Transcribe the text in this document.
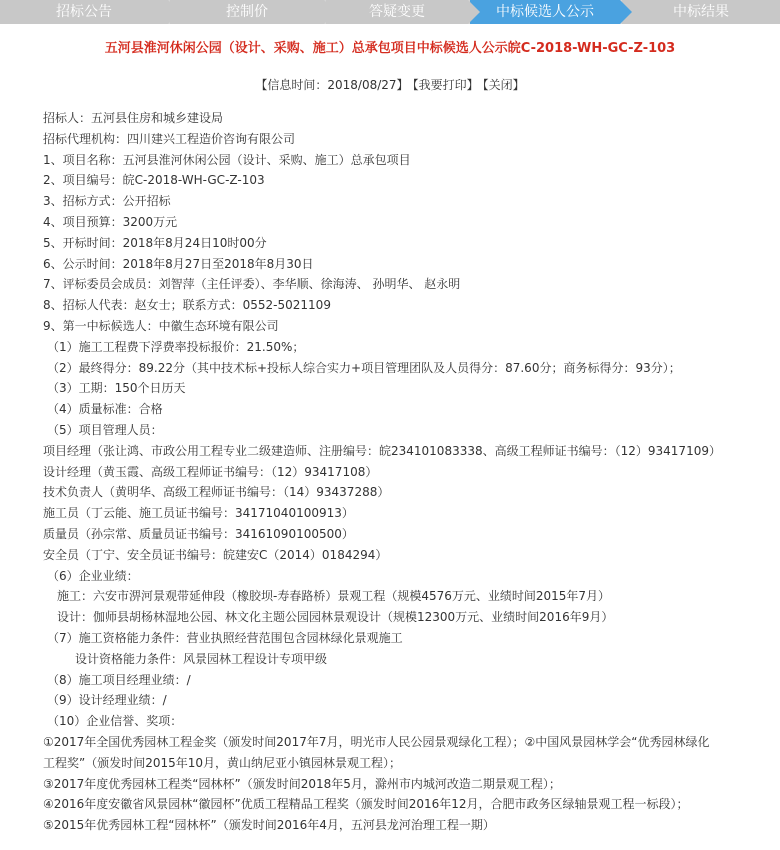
招标公告	控制价	答疑变更	中标候选人公示	中标结果
五河县淮河休闲公园（设计、采购、施工）总承包项目中标候选人公示皖C-2018-WH-GC-Z-103
【信息时间：2018/08/27】 【我要打印】 【关闭】
招标人：五河县住房和城乡建设局
招标代理机构：四川建兴工程造价咨询有限公司
1、项目名称：五河县淮河休闲公园（设计、采购、施工）总承包项目
2、项目编号：皖C-2018-WH-GC-Z-103
3、招标方式：公开招标
4、项目预算：3200万元
5、开标时间：2018年8月24日10时00分
6、公示时间：2018年8月27日至2018年8月30日
7、评标委员会成员：刘智萍（主任评委）、李华顺、徐海涛、 孙明华、 赵永明
8、招标人代表：赵女士；联系方式：0552-5021109
9、第一中标候选人：中徽生态环境有限公司
（1）施工工程费下浮费率投标报价：21.50%；
（2）最终得分：89.22分（其中技术标+投标人综合实力+项目管理团队及人员得分：87.60分；商务标得分：93分）；
（3）工期：150个日历天
（4）质量标准：合格
（5）项目管理人员：
项目经理（张让鸿、市政公用工程专业二级建造师、注册编号：皖234101083338、高级工程师证书编号：（12）93417109）
设计经理（黄玉霞、高级工程师证书编号：（12）93417108）
技术负责人（黄明华、高级工程师证书编号：（14）93437288）
施工员（丁云能、施工员证书编号：34171040100913）
质量员（孙宗常、质量员证书编号：34161090100500）
安全员（丁宁、安全员证书编号：皖建安C（2014）0184294）
（6）企业业绩：
施工：六安市淠河景观带延伸段（橡胶坝-寿春路桥）景观工程（规模4576万元、业绩时间2015年7月）
设计：伽师县胡杨林湿地公园、林文化主题公园园林景观设计（规模12300万元、业绩时间2016年9月）
（7）施工资格能力条件：营业执照经营范围包含园林绿化景观施工
设计资格能力条件：风景园林工程设计专项甲级
（8）施工项目经理业绩：/
（9）设计经理业绩：/
（10）企业信誉、奖项：
①2017年全国优秀园林工程金奖（颁发时间2017年7月，明光市人民公园景观绿化工程）；②中国风景园林学会“优秀园林绿化
工程奖”（颁发时间2015年10月，黄山纳尼亚小镇园林景观工程）；
③2017年度优秀园林工程类“园林杯”（颁发时间2018年5月，滁州市内城河改造二期景观工程）；
④2016年度安徽省风景园林“徽园杯”优质工程精品工程奖（颁发时间2016年12月，合肥市政务区绿轴景观工程一标段）；
⑤2015年优秀园林工程“园林杯”（颁发时间2016年4月，五河县龙河治理工程一期）
